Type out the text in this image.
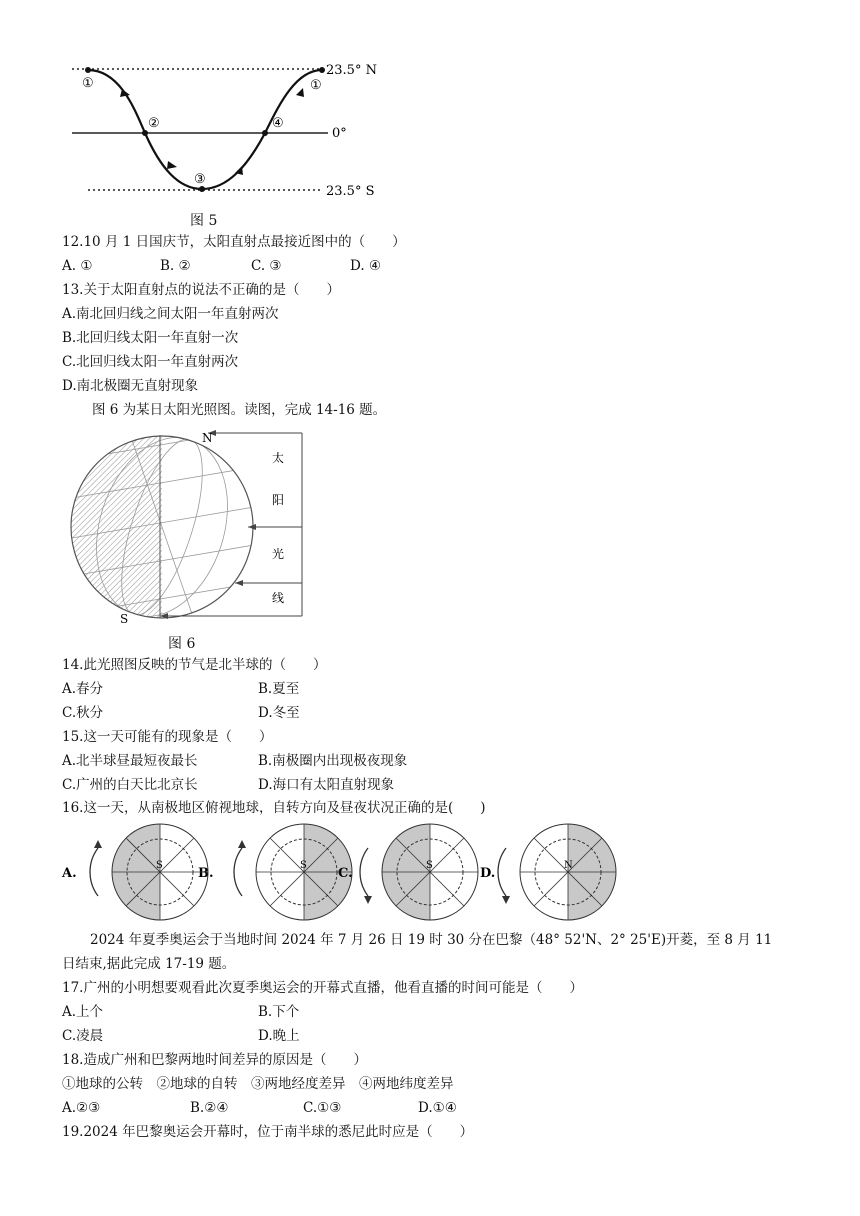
①
②
③
④
①
23.5° N
0°
23.5° S
图 5
12.10 月 1 日国庆节，太阳直射点最接近图中的（　　）
A. ①	B. ②	C. ③	D. ④
13.关于太阳直射点的说法不正确的是（　　）
A.南北回归线之间太阳一年直射两次
B.北回归线太阳一年直射一次
C.北回归线太阳一年直射两次
D.南北极圈无直射现象
图 6 为某日太阳光照图。读图，完成 14-16 题。
N
S
太
阳
光
线
图 6
14.此光照图反映的节气是北半球的（　　）
A.春分	B.夏至
C.秋分	D.冬至
15.这一天可能有的现象是（　　）
A.北半球昼最短夜最长	B.南极圈内出现极夜现象
C.广州的白天比北京长	D.海口有太阳直射现象
16.这一天，从南极地区俯视地球，自转方向及昼夜状况正确的是(　　)
A.	B.	C.	D.
S	S	S	N
2024 年夏季奥运会于当地时间 2024 年 7 月 26 日 19 时 30 分在巴黎（48° 52'N、2° 25'E)开菱，至 8 月 11
日结束,据此完成 17-19 题。
17.广州的小明想要观看此次夏季奥运会的开幕式直播，他看直播的时间可能是（　　）
A.上个	B.下个
C.凌晨	D.晚上
18.造成广州和巴黎两地时间差异的原因是（　　）
①地球的公转　②地球的自转　③两地经度差异　④两地纬度差异
A.②③	B.②④	C.①③	D.①④
19.2024 年巴黎奥运会开幕时，位于南半球的悉尼此时应是（　　）
